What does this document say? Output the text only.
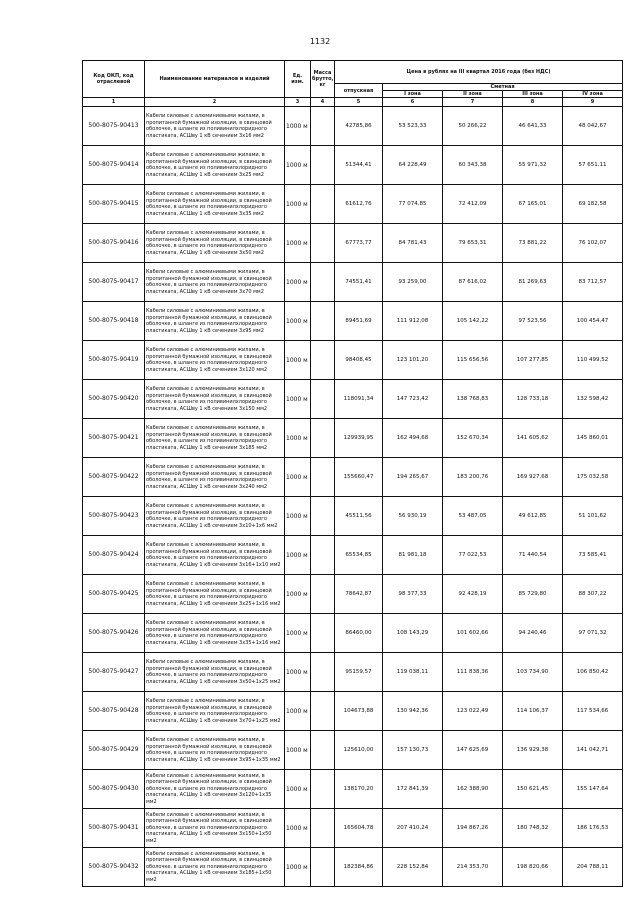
1132
Код ОКП, код отраслевой	Наименование материалов и изделий	Ед. изм.	Масса брутто, кг	Цена в рублях на III квартал 2016 года (без НДС)				
				отпускная	Сметная			
					I зона	II зона	III зона	IV зона
1	2	3	4	5	6	7	8	9
500-8075-90413	Кабели силовые с алюминиевыми жилами, в пропитанной бумажной изоляции, в свинцовой оболочке, в шланге из поливинилхлоридного пластиката, АСШву 1 кВ сечением 3х16 мм2	1000 м		42785,86	53 523,33	50 266,22	46 641,33	48 042,67
500-8075-90414	Кабели силовые с алюминиевыми жилами, в пропитанной бумажной изоляции, в свинцовой оболочке, в шланге из поливинилхлоридного пластиката, АСШву 1 кВ сечением 3х25 мм2	1000 м		51344,41	64 228,49	60 343,38	55 971,32	57 651,11
500-8075-90415	Кабели силовые с алюминиевыми жилами, в пропитанной бумажной изоляции, в свинцовой оболочке, в шланге из поливинилхлоридного пластиката, АСШву 1 кВ сечением 3х35 мм2	1000 м		61612,76	77 074,85	72 412,09	67 165,01	69 182,58
500-8075-90416	Кабели силовые с алюминиевыми жилами, в пропитанной бумажной изоляции, в свинцовой оболочке, в шланге из поливинилхлоридного пластиката, АСШву 1 кВ сечением 3х50 мм2	1000 м		67773,77	84 781,43	79 653,31	73 881,22	76 102,07
500-8075-90417	Кабели силовые с алюминиевыми жилами, в пропитанной бумажной изоляции, в свинцовой оболочке, в шланге из поливинилхлоридного пластиката, АСШву 1 кВ сечением 3х70 мм2	1000 м		74551,41	93 259,00	87 616,02	81 269,63	83 712,57
500-8075-90418	Кабели силовые с алюминиевыми жилами, в пропитанной бумажной изоляции, в свинцовой оболочке, в шланге из поливинилхлоридного пластиката, АСШву 1 кВ сечением 3х95 мм2	1000 м		89451,69	111 912,08	105 142,22	97 523,56	100 454,47
500-8075-90419	Кабели силовые с алюминиевыми жилами, в пропитанной бумажной изоляции, в свинцовой оболочке, в шланге из поливинилхлоридного пластиката, АСШву 1 кВ сечением 3х120 мм2	1000 м		98408,45	123 101,20	115 656,56	107 277,85	110 499,52
500-8075-90420	Кабели силовые с алюминиевыми жилами, в пропитанной бумажной изоляции, в свинцовой оболочке, в шланге из поливинилхлоридного пластиката, АСШву 1 кВ сечением 3х150 мм2	1000 м		118091,34	147 723,42	138 768,83	128 733,18	132 598,42
500-8075-90421	Кабели силовые с алюминиевыми жилами, в пропитанной бумажной изоляции, в свинцовой оболочке, в шланге из поливинилхлоридного пластиката, АСШву 1 кВ сечением 3х185 мм2	1000 м		129939,95	162 494,68	152 670,34	141 605,62	145 860,01
500-8075-90422	Кабели силовые с алюминиевыми жилами, в пропитанной бумажной изоляции, в свинцовой оболочке, в шланге из поливинилхлоридного пластиката, АСШву 1 кВ сечением 3х240 мм2	1000 м		155660,47	194 265,67	183 200,76	169 927,68	175 032,58
500-8075-90423	Кабели силовые с алюминиевыми жилами, в пропитанной бумажной изоляции, в свинцовой оболочке, в шланге из поливинилхлоридного пластиката, АСШву 1 кВ сечением 3х10+1х6 мм2	1000 м		45511,56	56 930,19	53 487,05	49 612,85	51 101,62
500-8075-90424	Кабели силовые с алюминиевыми жилами, в пропитанной бумажной изоляции, в свинцовой оболочке, в шланге из поливинилхлоридного пластиката, АСШву 1 кВ сечением 3х16+1х10 мм2	1000 м		65534,85	81 981,18	77 022,53	71 440,54	73 585,41
500-8075-90425	Кабели силовые с алюминиевыми жилами, в пропитанной бумажной изоляции, в свинцовой оболочке, в шланге из поливинилхлоридного пластиката, АСШву 1 кВ сечением 3х25+1х16 мм2	1000 м		78642,87	98 377,33	92 428,19	85 729,80	88 307,22
500-8075-90426	Кабели силовые с алюминиевыми жилами, в пропитанной бумажной изоляции, в свинцовой оболочке, в шланге из поливинилхлоридного пластиката, АСШву 1 кВ сечением 3х35+1х16 мм2	1000 м		86460,00	108 143,29	101 602,66	94 240,46	97 071,32
500-8075-90427	Кабели силовые с алюминиевыми жилами, в пропитанной бумажной изоляции, в свинцовой оболочке, в шланге из поливинилхлоридного пластиката, АСШву 1 кВ сечением 3х50+1х25 мм2	1000 м		95159,57	119 038,11	111 838,36	103 734,90	106 850,42
500-8075-90428	Кабели силовые с алюминиевыми жилами, в пропитанной бумажной изоляции, в свинцовой оболочке, в шланге из поливинилхлоридного пластиката, АСШву 1 кВ сечением 3х70+1х25 мм2	1000 м		104673,88	130 942,36	123 022,49	114 106,37	117 534,66
500-8075-90429	Кабели силовые с алюминиевыми жилами, в пропитанной бумажной изоляции, в свинцовой оболочке, в шланге из поливинилхлоридного пластиката, АСШву 1 кВ сечением 3х95+1х35 мм2	1000 м		125610,00	157 130,73	147 625,69	136 929,38	141 042,71
500-8075-90430	Кабели силовые с алюминиевыми жилами, в пропитанной бумажной изоляции, в свинцовой оболочке, в шланге из поливинилхлоридного пластиката, АСШву 1 кВ сечением 3х120+1х35 мм2	1000 м		138170,20	172 841,39	162 388,90	150 621,45	155 147,64
500-8075-90431	Кабели силовые с алюминиевыми жилами, в пропитанной бумажной изоляции, в свинцовой оболочке, в шланге из поливинилхлоридного пластиката, АСШву 1 кВ сечением 3х150+1х50 мм2	1000 м		165604,78	207 410,24	194 867,26	180 748,32	186 176,53
500-8075-90432	Кабели силовые с алюминиевыми жилами, в пропитанной бумажной изоляции, в свинцовой оболочке, в шланге из поливинилхлоридного пластиката, АСШву 1 кВ сечением 3х185+1х50 мм2	1000 м		182384,86	228 152,84	214 353,70	198 820,66	204 788,11
